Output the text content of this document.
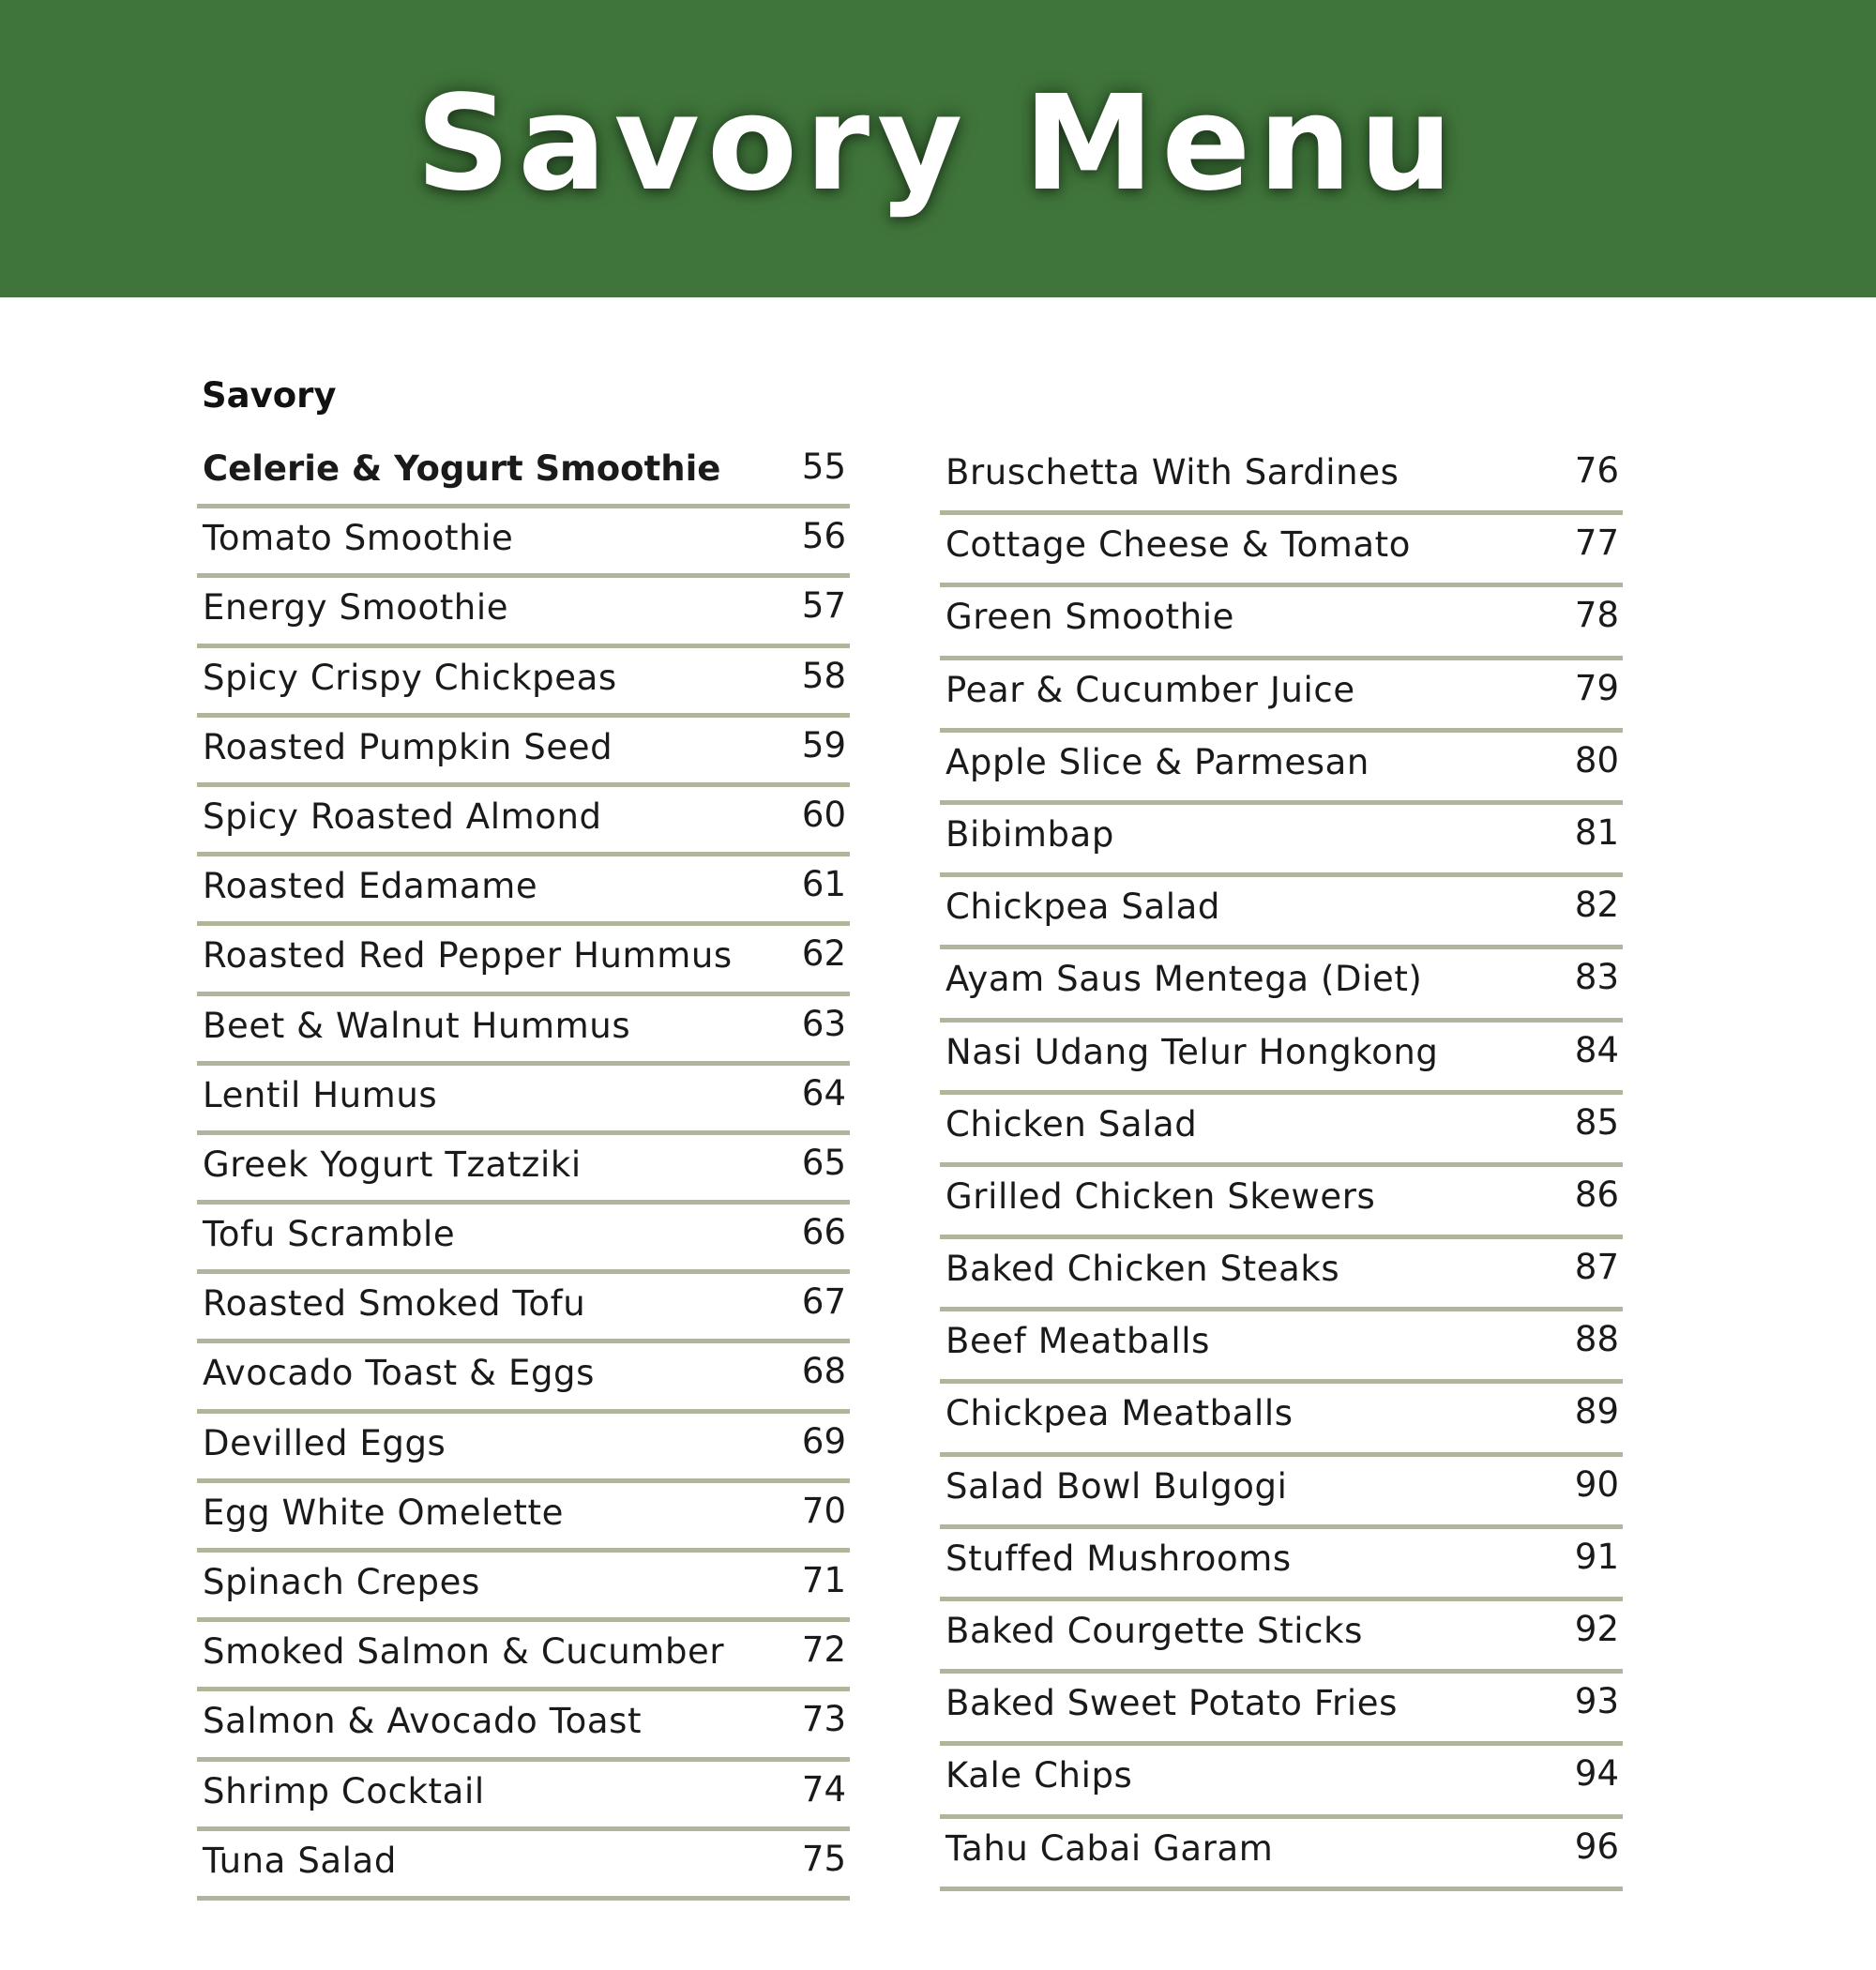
Savory Menu
Savory
Celerie & Yogurt Smoothie 55
Tomato Smoothie	56
Energy Smoothie	57
Spicy Crispy Chickpeas	58
Roasted Pumpkin Seed	59
Spicy Roasted Almond	60
Roasted Edamame	61
Roasted Red Pepper Hummus 62
Beet & Walnut Hummus	63
Lentil Humus	64
Greek Yogurt Tzatziki	65
Tofu Scramble	66
Roasted Smoked Tofu	67
Avocado Toast & Eggs	68
Devilled Eggs	69
Egg White Omelette	70
Spinach Crepes	71
Smoked Salmon & Cucumber 72
Salmon & Avocado Toast	73
Shrimp Cocktail	74
Tuna Salad	75
Bruschetta With Sardines	76
Cottage Cheese & Tomato	77
Green Smoothie	78
Pear & Cucumber Juice	79
Apple Slice & Parmesan	80
Bibimbap	81
Chickpea Salad	82
Ayam Saus Mentega (Diet)	83
Nasi Udang Telur Hongkong	84
Chicken Salad	85
Grilled Chicken Skewers	86
Baked Chicken Steaks	87
Beef Meatballs	88
Chickpea Meatballs	89
Salad Bowl Bulgogi	90
Stuffed Mushrooms	91
Baked Courgette Sticks	92
Baked Sweet Potato Fries	93
Kale Chips	94
Tahu Cabai Garam	96
